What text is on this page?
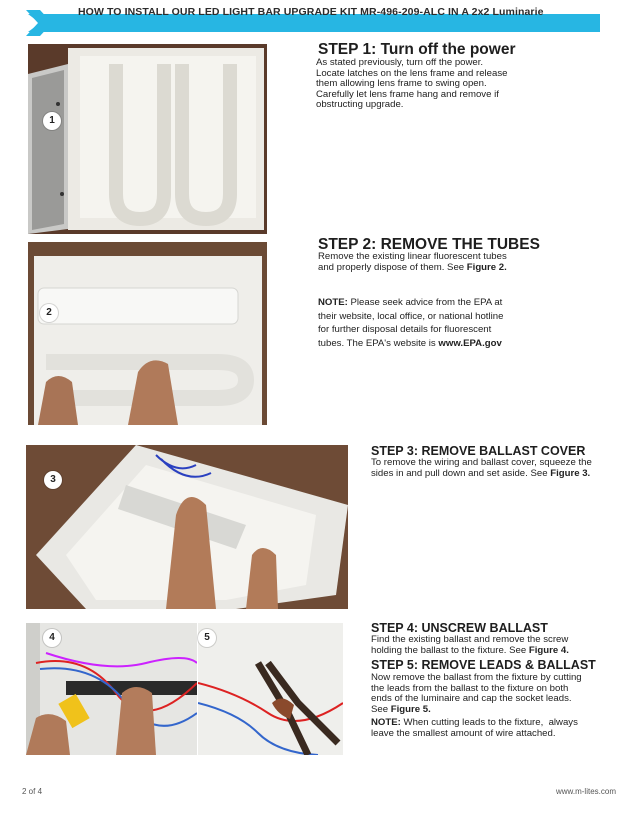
HOW TO INSTALL OUR LED LIGHT BAR UPGRADE KIT MR-496-209-ALC IN A 2x2 Luminarie
1
2
3
4	5
STEP 1: Turn off the power
As stated previously, turn off the power.
Locate latches on the lens frame and release
them allowing lens frame to swing open.
Carefully let lens frame hang and remove if
obstructing upgrade.
STEP 2: REMOVE THE TUBES
Remove the existing linear fluorescent tubes
and properly dispose of them. See Figure 2.
NOTE: Please seek advice from the EPA at
their website, local office, or national hotline
for further disposal details for fluorescent
tubes. The EPA's website is www.EPA.gov
STEP 3: REMOVE BALLAST COVER
To remove the wiring and ballast cover, squeeze the
sides in and pull down and set aside. See Figure 3.
STEP 4: UNSCREW BALLAST
Find the existing ballast and remove the screw
holding the ballast to the fixture. See Figure 4.
STEP 5: REMOVE LEADS & BALLAST
Now remove the ballast from the fixture by cutting
the leads from the ballast to the fixture on both
ends of the luminaire and cap the socket leads.
See Figure 5.
NOTE: When cutting leads to the fixture,  always
leave the smallest amount of wire attached.
2 of 4	www.m-lites.com
